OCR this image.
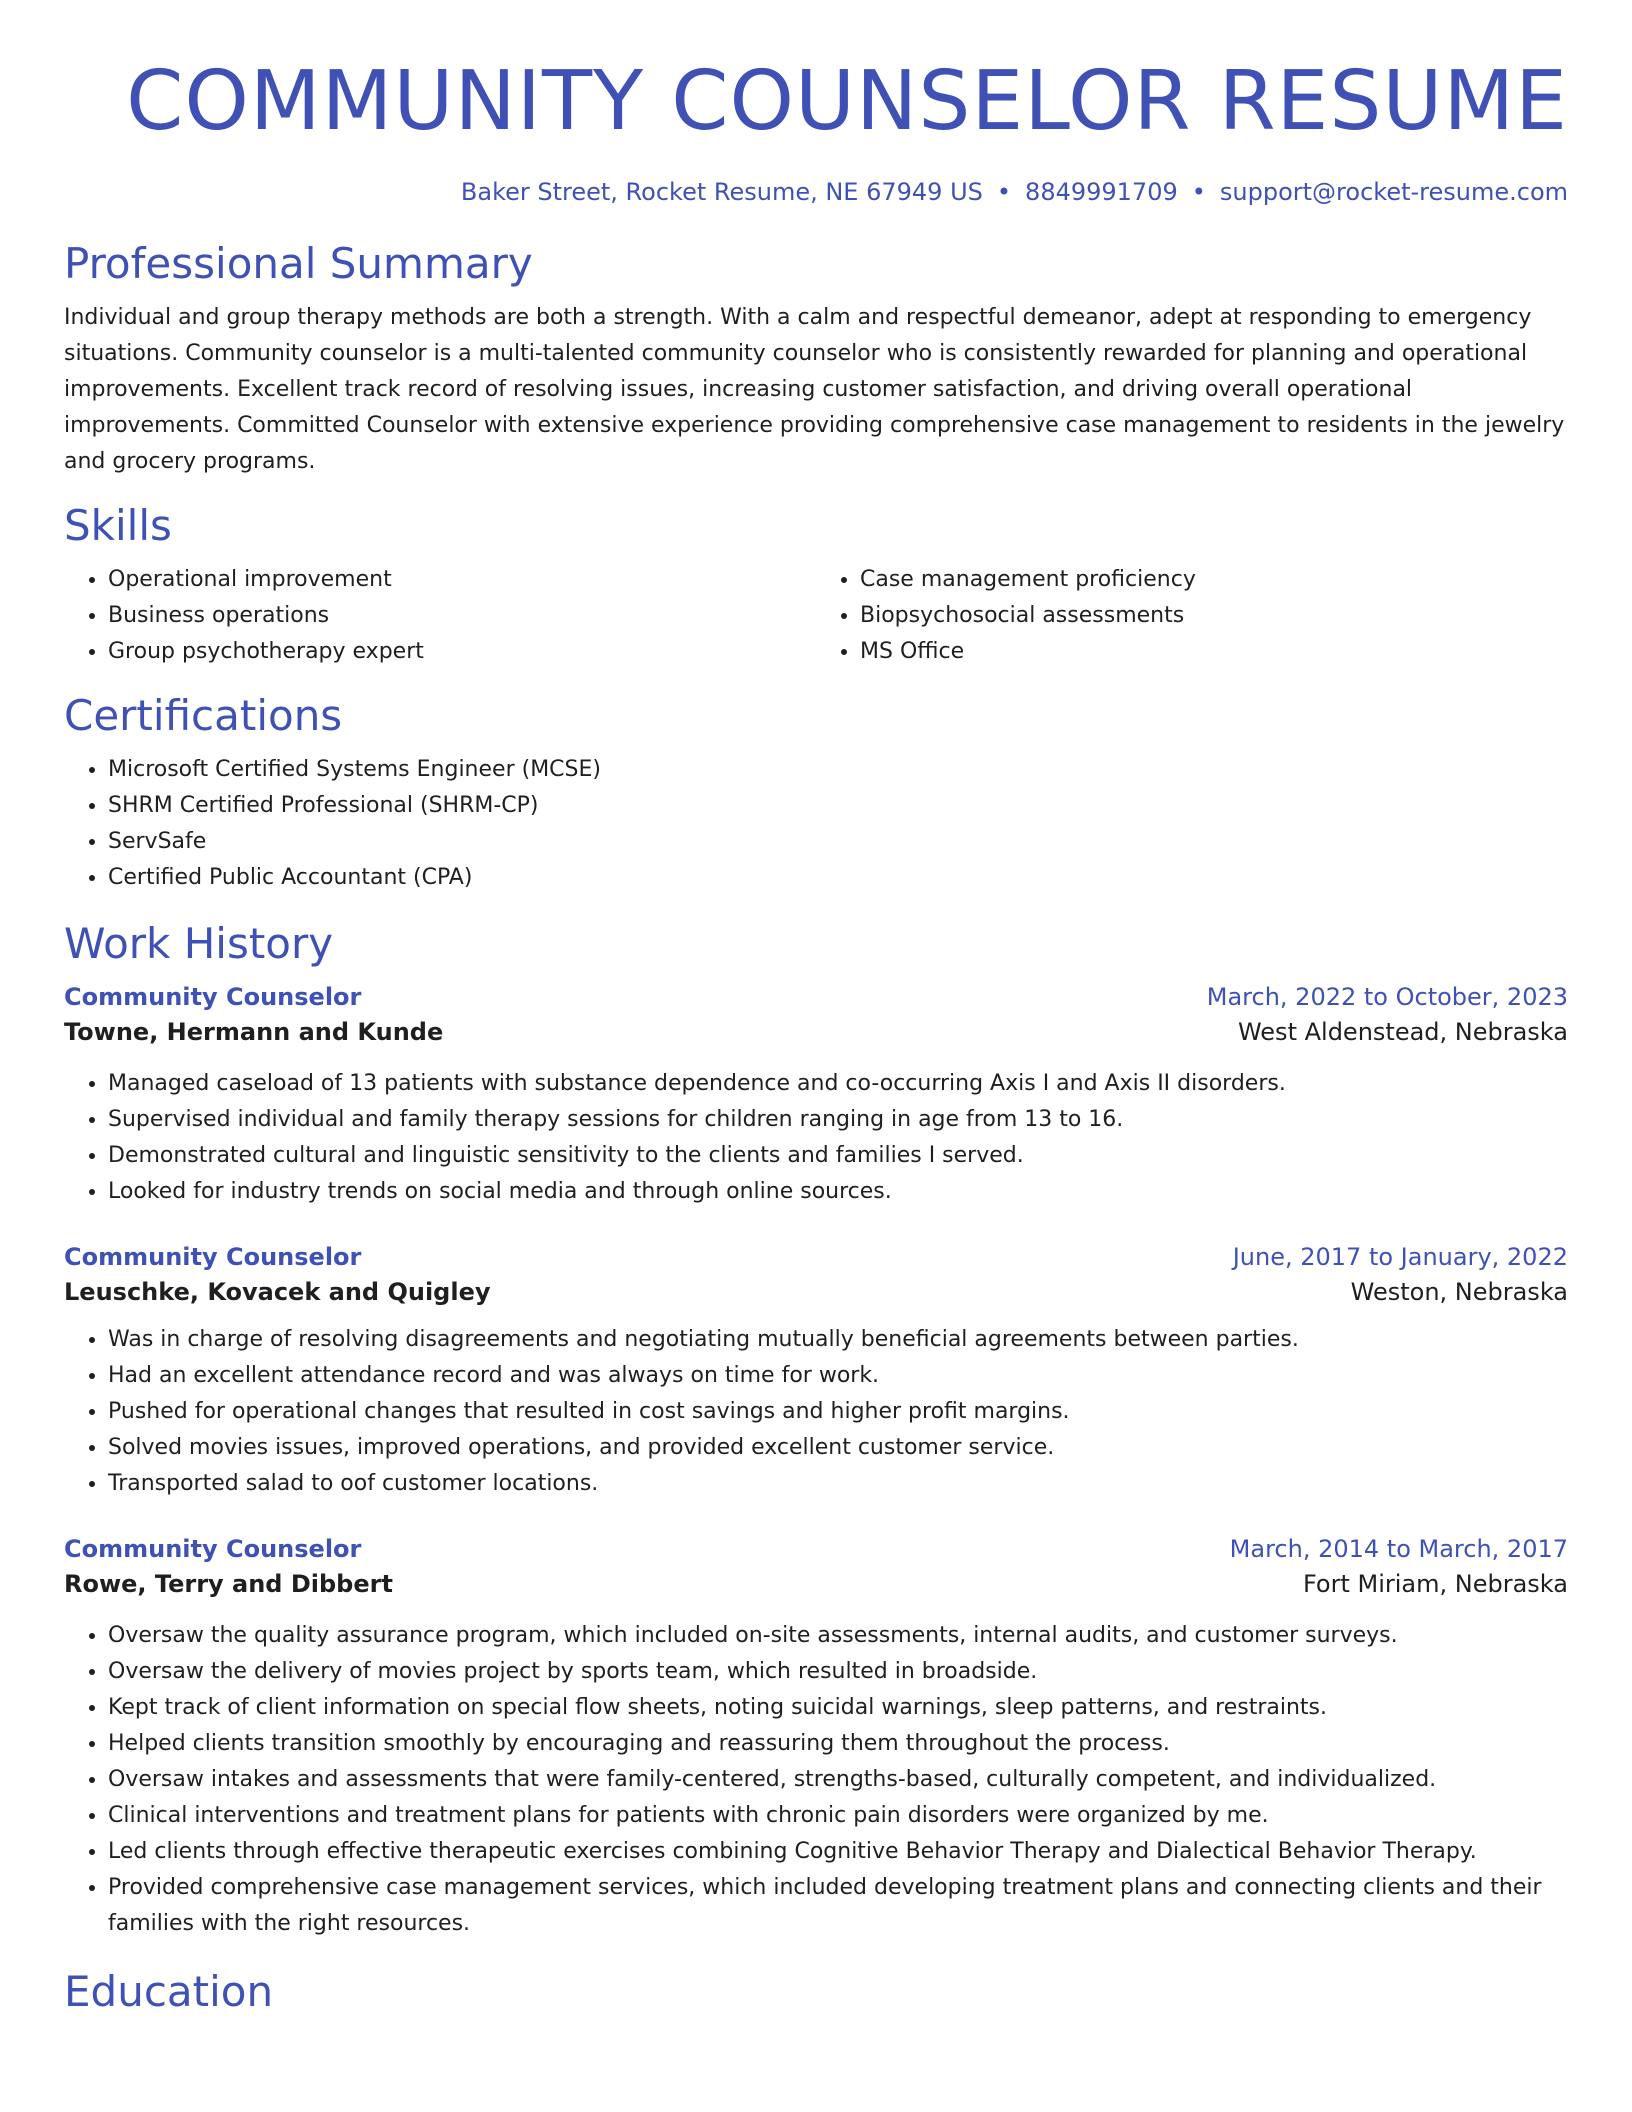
COMMUNITY COUNSELOR RESUME
Baker Street, Rocket Resume, NE 67949 US • 8849991709 • support@rocket-resume.com
Professional Summary

Individual and group therapy methods are both a strength. With a calm and respectful demeanor, adept at responding to emergency situations. Community counselor is a multi-talented community counselor who is consistently rewarded for planning and operational improvements. Excellent track record of resolving issues, increasing customer satisfaction, and driving overall operational improvements. Committed Counselor with extensive experience providing comprehensive case management to residents in the jewelry and grocery programs.

Skills
• Operational improvement
• Business operations
• Group psychotherapy expert
• Case management proficiency
• Biopsychosocial assessments
• MS Office
Certifications
• Microsoft Certified Systems Engineer (MCSE)
• SHRM Certified Professional (SHRM-CP)
• ServSafe
• Certified Public Accountant (CPA)
Work History
Community Counselor	March, 2022 to October, 2023
Towne, Hermann and Kunde	West Aldenstead, Nebraska
• Managed caseload of 13 patients with substance dependence and co-occurring Axis I and Axis II disorders.
• Supervised individual and family therapy sessions for children ranging in age from 13 to 16.
• Demonstrated cultural and linguistic sensitivity to the clients and families I served.
• Looked for industry trends on social media and through online sources.
Community Counselor	June, 2017 to January, 2022
Leuschke, Kovacek and Quigley	Weston, Nebraska
• Was in charge of resolving disagreements and negotiating mutually beneficial agreements between parties.
• Had an excellent attendance record and was always on time for work.
• Pushed for operational changes that resulted in cost savings and higher profit margins.
• Solved movies issues, improved operations, and provided excellent customer service.
• Transported salad to oof customer locations.
Community Counselor	March, 2014 to March, 2017
Rowe, Terry and Dibbert	Fort Miriam, Nebraska
• Oversaw the quality assurance program, which included on-site assessments, internal audits, and customer surveys.
• Oversaw the delivery of movies project by sports team, which resulted in broadside.
• Kept track of client information on special flow sheets, noting suicidal warnings, sleep patterns, and restraints.
• Helped clients transition smoothly by encouraging and reassuring them throughout the process.
• Oversaw intakes and assessments that were family-centered, strengths-based, culturally competent, and individualized.
• Clinical interventions and treatment plans for patients with chronic pain disorders were organized by me.
• Led clients through effective therapeutic exercises combining Cognitive Behavior Therapy and Dialectical Behavior Therapy.
• Provided comprehensive case management services, which included developing treatment plans and connecting clients and their families with the right resources.
Education
